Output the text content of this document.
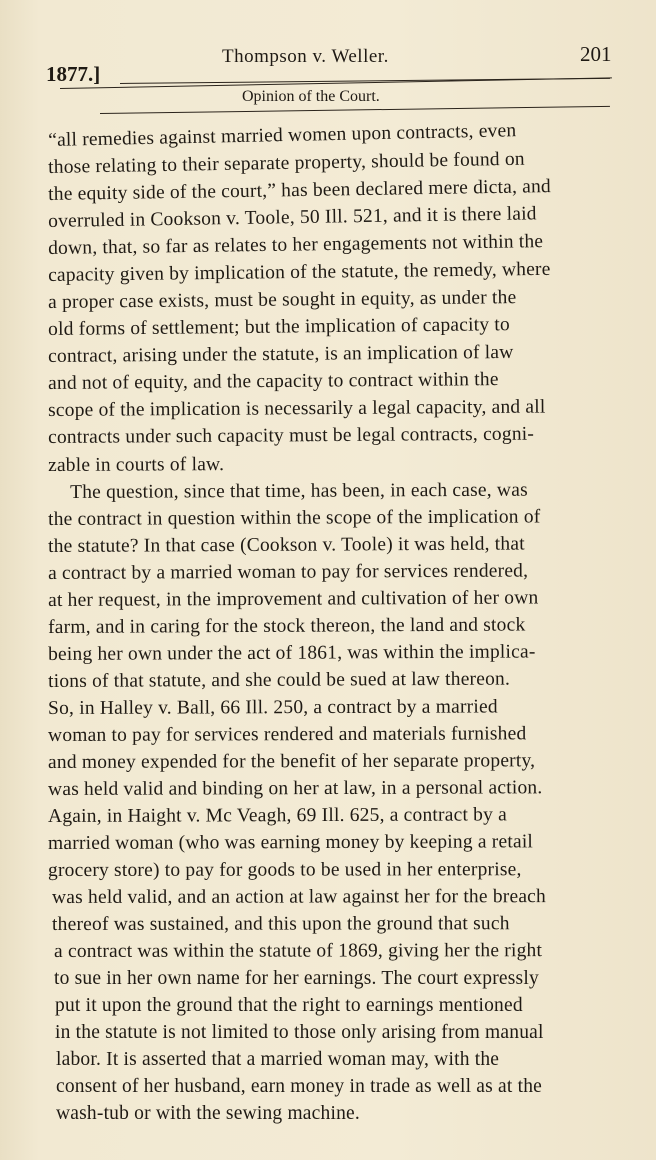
1877.]
Thompson v. Weller.	201
Opinion of the Court.
“all remedies against married women upon contracts, even
those relating to their separate property, should be found on
the equity side of the court,” has been declared mere dicta, and
overruled in Cookson v. Toole, 50 Ill. 521, and it is there laid
down, that, so far as relates to her engagements not within the
capacity given by implication of the statute, the remedy, where
a proper case exists, must be sought in equity, as under the
old forms of settlement; but the implication of capacity to
contract, arising under the statute, is an implication of law
and not of equity, and the capacity to contract within the
scope of the implication is necessarily a legal capacity, and all
contracts under such capacity must be legal contracts, cogni-
zable in courts of law.
The question, since that time, has been, in each case, was
the contract in question within the scope of the implication of
the statute? In that case (Cookson v. Toole) it was held, that
a contract by a married woman to pay for services rendered,
at her request, in the improvement and cultivation of her own
farm, and in caring for the stock thereon, the land and stock
being her own under the act of 1861, was within the implica-
tions of that statute, and she could be sued at law thereon.
So, in Halley v. Ball, 66 Ill. 250, a contract by a married
woman to pay for services rendered and materials furnished
and money expended for the benefit of her separate property,
was held valid and binding on her at law, in a personal action.
Again, in Haight v. Mc Veagh, 69 Ill. 625, a contract by a
married woman (who was earning money by keeping a retail
grocery store) to pay for goods to be used in her enterprise,
was held valid, and an action at law against her for the breach
thereof was sustained, and this upon the ground that such
a contract was within the statute of 1869, giving her the right
to sue in her own name for her earnings. The court expressly
put it upon the ground that the right to earnings mentioned
in the statute is not limited to those only arising from manual
labor. It is asserted that a married woman may, with the
consent of her husband, earn money in trade as well as at the
wash-tub or with the sewing machine.
